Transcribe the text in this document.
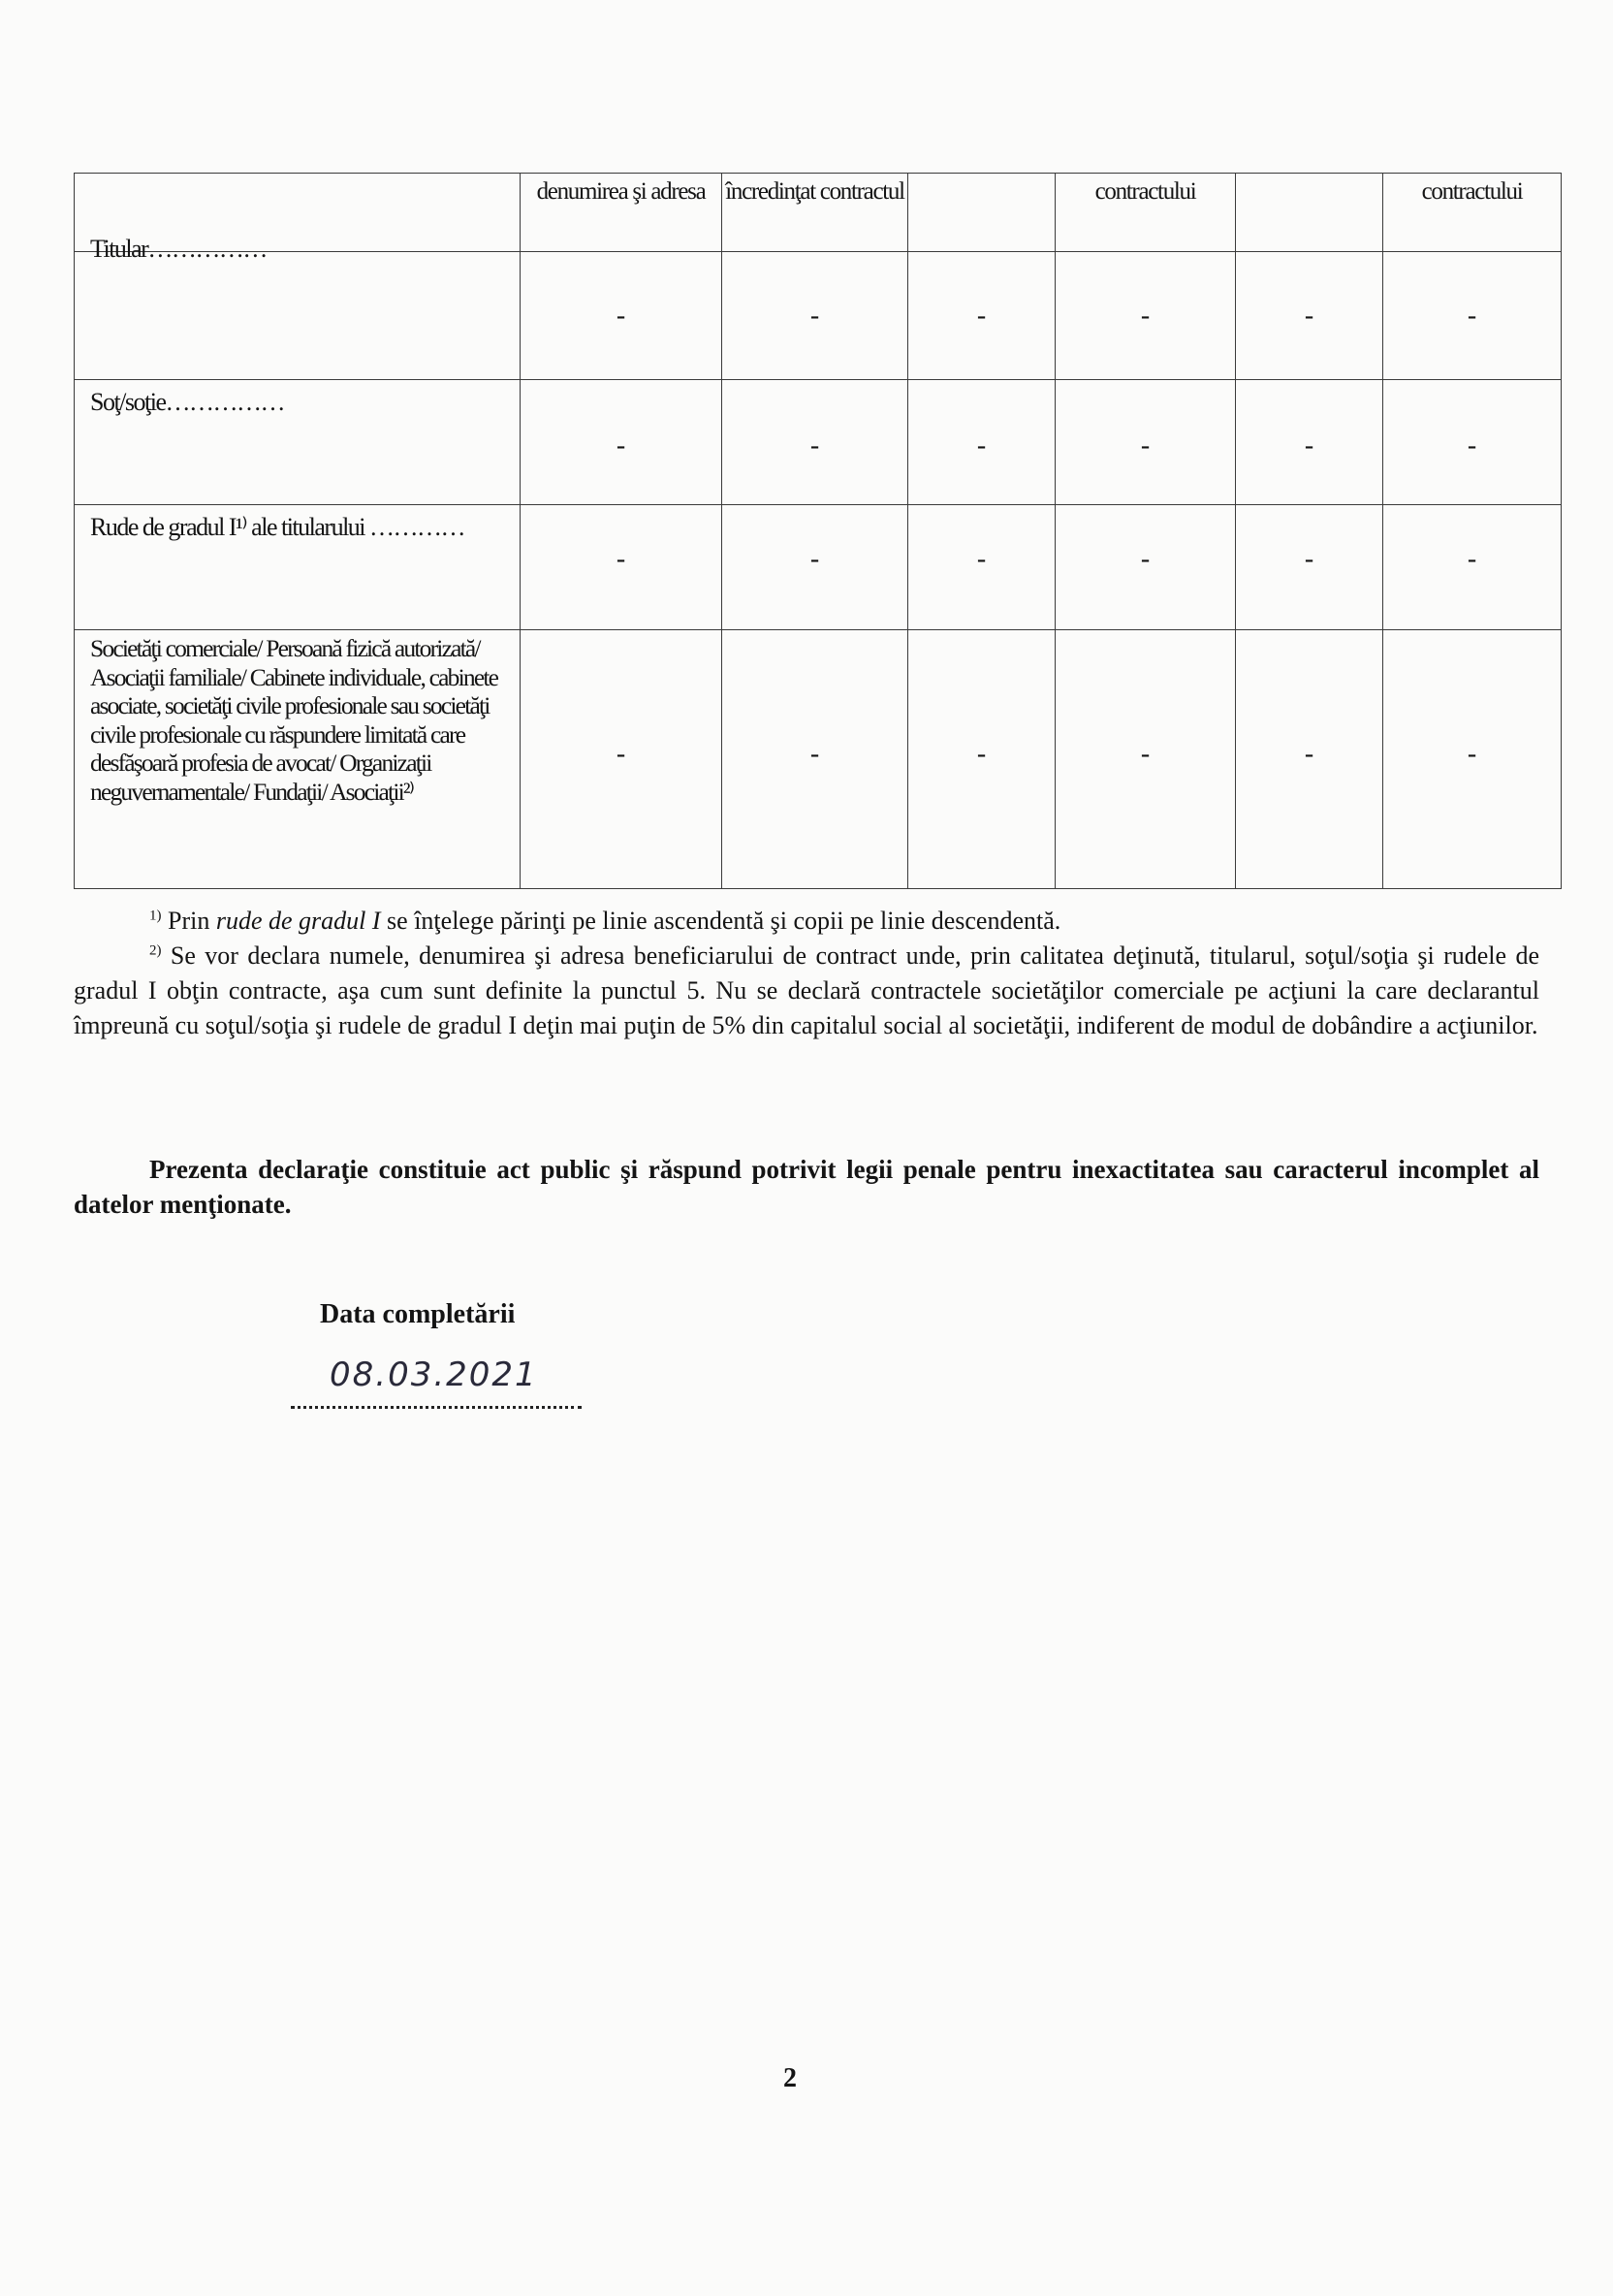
	denumirea şi adresa	încredinţat contractul		contractului		contractului

Titular……………	-	-	-	-	-	-

Soţ/soţie……………	-	-	-	-	-	-

Rude de gradul I¹⁾ ale titularului …………	-	-	-	-	-	-

Societăţi comerciale/ Persoană fizică autorizată/ Asociaţii familiale/ Cabinete individuale, cabinete asociate, societăţi civile profesionale sau societăţi civile profesionale cu răspundere limitată care desfăşoară profesia de avocat/ Organizaţii neguvernamentale/ Fundaţii/ Asociaţii²⁾	-	-	-	-	-	-

$^{1)}$ Prin rude de gradul I se înţelege părinţi pe linie ascendentă şi copii pe linie descendentă.

$^{2)}$ Se vor declara numele, denumirea şi adresa beneficiarului de contract unde, prin calitatea deţinută, titularul, soţul/soţia şi rudele de gradul I obţin contracte, aşa cum sunt definite la punctul 5. Nu se declară contractele societăţilor comerciale pe acţiuni la care declarantul împreună cu soţul/soţia şi rudele de gradul I deţin mai puţin de 5% din capitalul social al societăţii, indiferent de modul de dobândire a acţiunilor.

Prezenta declaraţie constituie act public şi răspund potrivit legii penale pentru inexactitatea sau caracterul incomplet al datelor menţionate.
Data completării
08.03.2021
2
